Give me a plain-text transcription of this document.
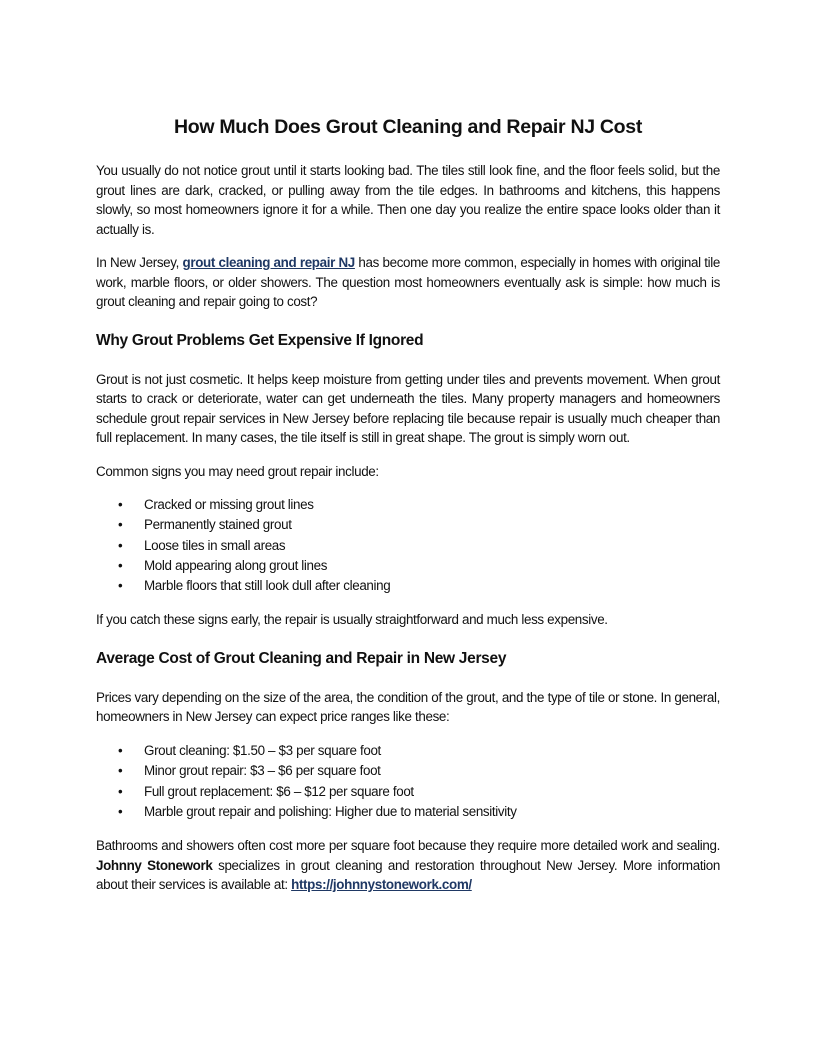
How Much Does Grout Cleaning and Repair NJ Cost

You usually do not notice grout until it starts looking bad. The tiles still look fine, and the floor feels solid, but the grout lines are dark, cracked, or pulling away from the tile edges. In bathrooms and kitchens, this happens slowly, so most homeowners ignore it for a while. Then one day you realize the entire space looks older than it actually is.

In New Jersey, grout cleaning and repair NJ has become more common, especially in homes with original tile work, marble floors, or older showers. The question most homeowners eventually ask is simple: how much is grout cleaning and repair going to cost?

Why Grout Problems Get Expensive If Ignored

Grout is not just cosmetic. It helps keep moisture from getting under tiles and prevents movement. When grout starts to crack or deteriorate, water can get underneath the tiles. Many property managers and homeowners schedule grout repair services in New Jersey before replacing tile because repair is usually much cheaper than full replacement. In many cases, the tile itself is still in great shape. The grout is simply worn out.

Common signs you may need grout repair include:

• Cracked or missing grout lines
• Permanently stained grout
• Loose tiles in small areas
• Mold appearing along grout lines
• Marble floors that still look dull after cleaning

If you catch these signs early, the repair is usually straightforward and much less expensive.

Average Cost of Grout Cleaning and Repair in New Jersey

Prices vary depending on the size of the area, the condition of the grout, and the type of tile or stone. In general, homeowners in New Jersey can expect price ranges like these:

• Grout cleaning: $1.50 – $3 per square foot
• Minor grout repair: $3 – $6 per square foot
• Full grout replacement: $6 – $12 per square foot
• Marble grout repair and polishing: Higher due to material sensitivity

Bathrooms and showers often cost more per square foot because they require more detailed work and sealing. Johnny Stonework specializes in grout cleaning and restoration throughout New Jersey. More information about their services is available at: https://johnnystonework.com/
